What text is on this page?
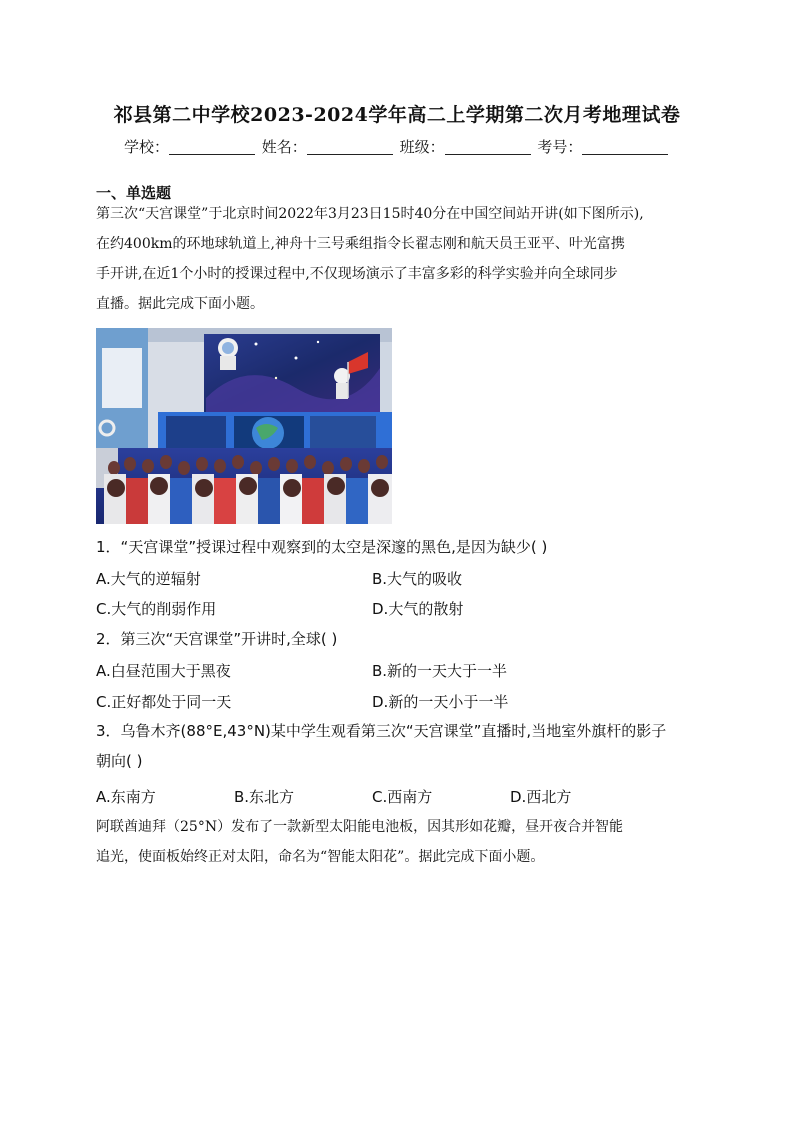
祁县第二中学校2023-2024学年高二上学期第二次月考地理试卷
学校：	姓名：	班级：	考号：
一、单选题

第三次“天宫课堂”于北京时间2022年3月23日15时40分在中国空间站开讲(如下图所示),

在约400km的环地球轨道上,神舟十三号乘组指令长翟志刚和航天员王亚平、叶光富携

手开讲,在近1个小时的授课过程中,不仅现场演示了丰富多彩的科学实验并向全球同步

直播。据此完成下面小题。

1．“天宫课堂”授课过程中观察到的太空是深邃的黑色,是因为缺少( )
A.大气的逆辐射	B.大气的吸收
C.大气的削弱作用	D.大气的散射
2．第三次“天宫课堂”开讲时,全球( )
A.白昼范围大于黑夜	B.新的一天大于一半
C.正好都处于同一天	D.新的一天小于一半
3．乌鲁木齐(88°E,43°N)某中学生观看第三次“天宫课堂”直播时,当地室外旗杆的影子
朝向( )
A.东南方	B.东北方	C.西南方	D.西北方

阿联酋迪拜（25°N）发布了一款新型太阳能电池板，因其形如花瓣，昼开夜合并智能

追光，使面板始终正对太阳，命名为“智能太阳花”。据此完成下面小题。
